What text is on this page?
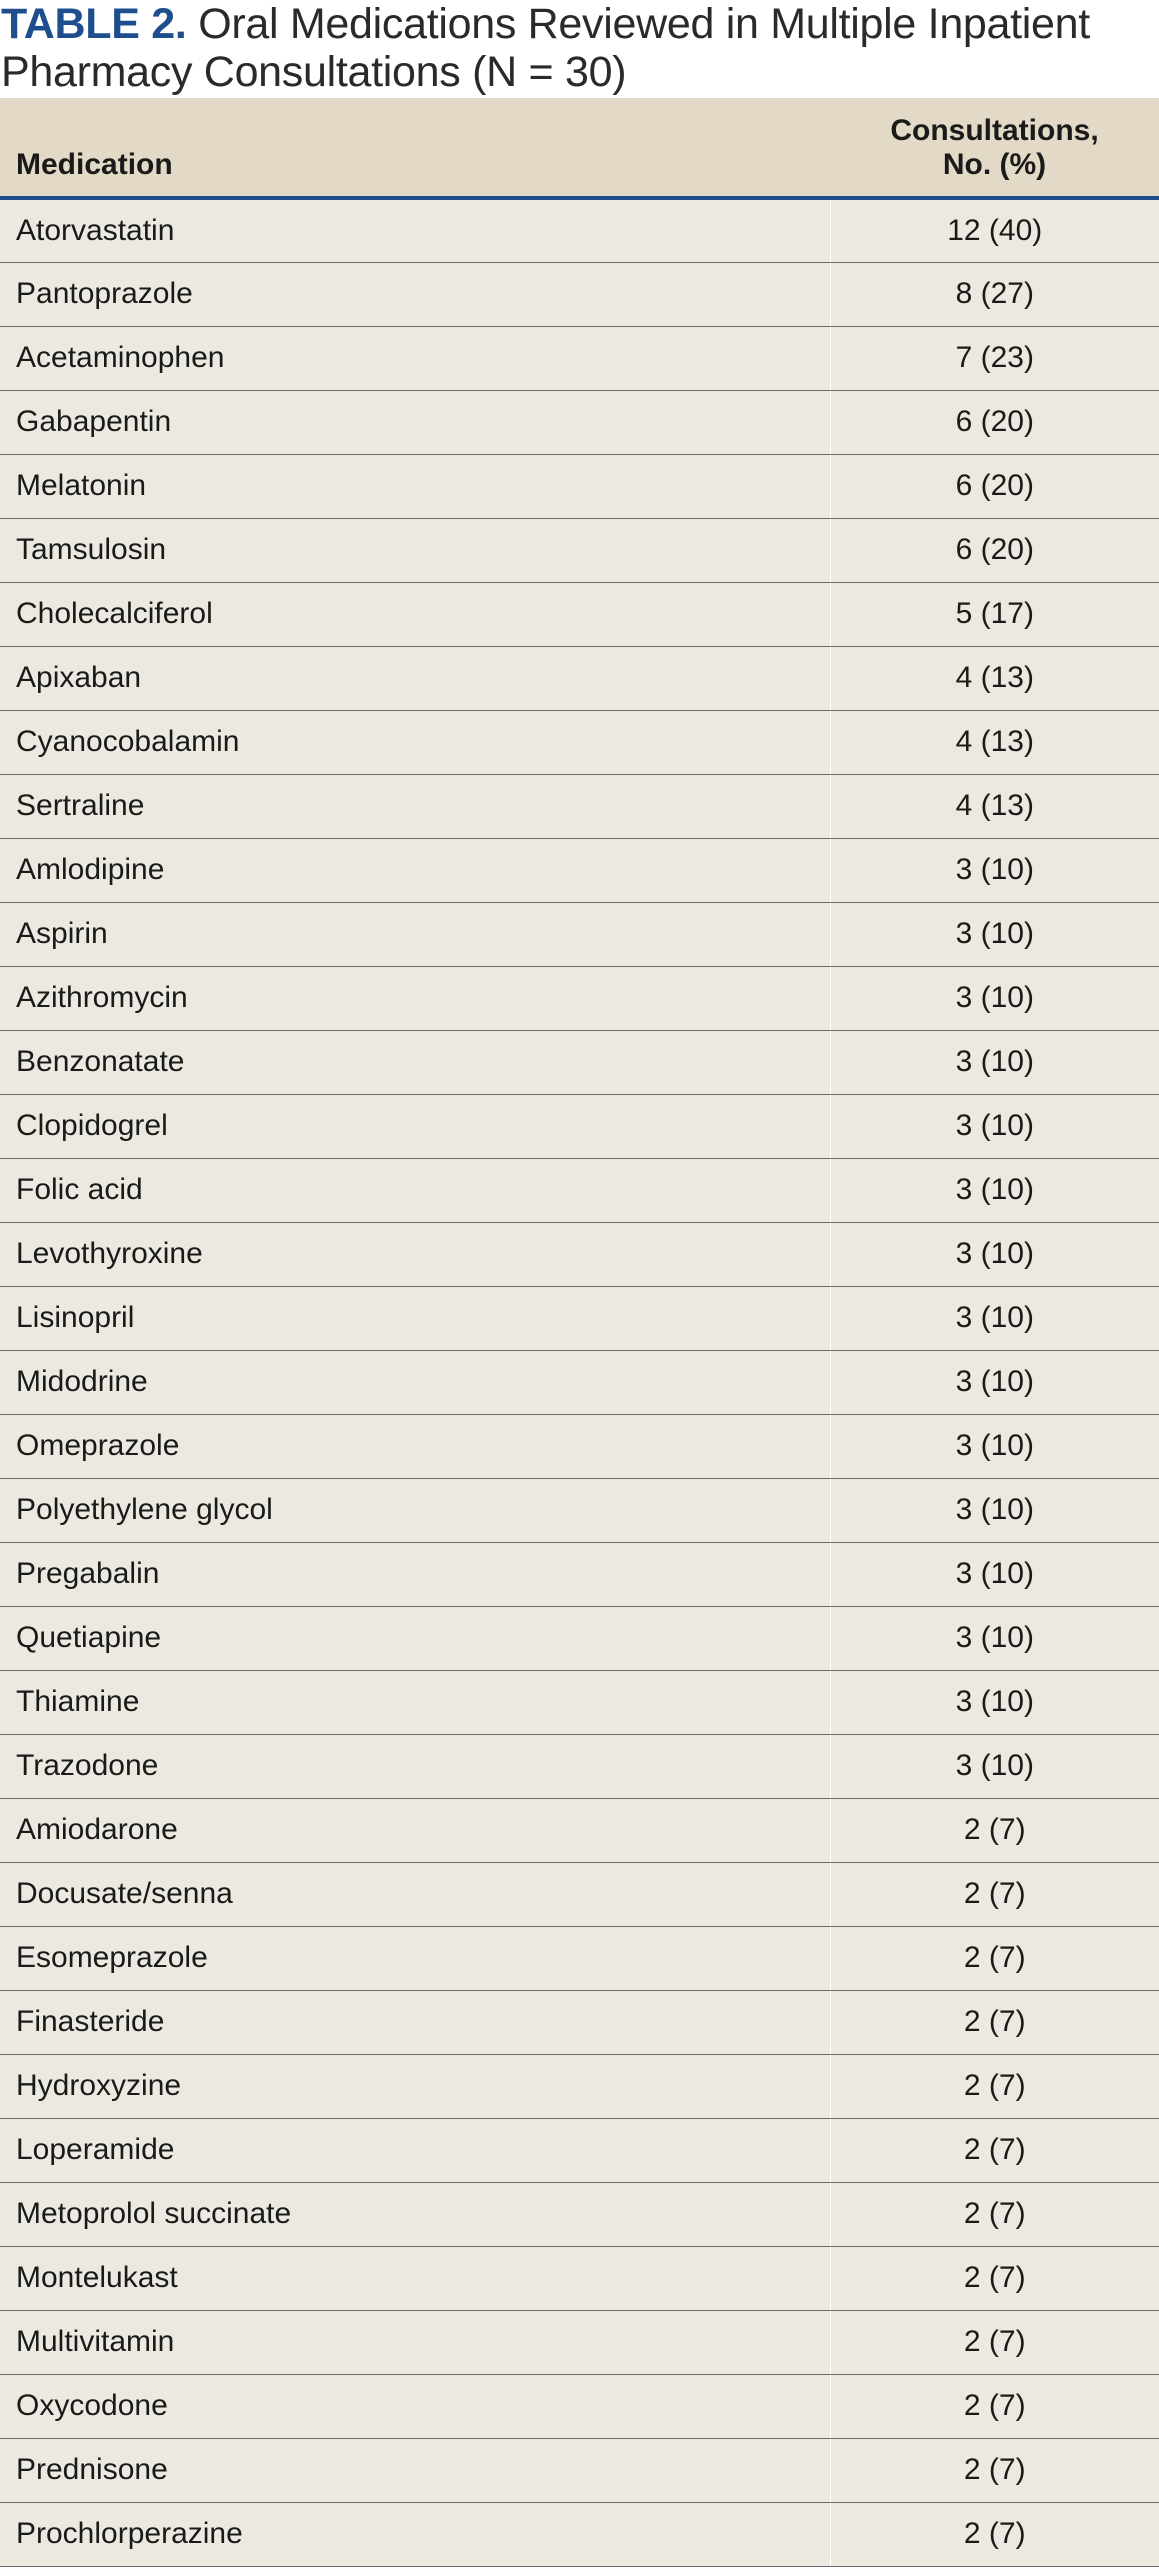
TABLE 2. Oral Medications Reviewed in Multiple Inpatient Pharmacy Consultations (N = 30)
Medication	Consultations,
No. (%)
Atorvastatin	12 (40)
Pantoprazole	8 (27)
Acetaminophen	7 (23)
Gabapentin	6 (20)
Melatonin	6 (20)
Tamsulosin	6 (20)
Cholecalciferol	5 (17)
Apixaban	4 (13)
Cyanocobalamin	4 (13)
Sertraline	4 (13)
Amlodipine	3 (10)
Aspirin	3 (10)
Azithromycin	3 (10)
Benzonatate	3 (10)
Clopidogrel	3 (10)
Folic acid	3 (10)
Levothyroxine	3 (10)
Lisinopril	3 (10)
Midodrine	3 (10)
Omeprazole	3 (10)
Polyethylene glycol	3 (10)
Pregabalin	3 (10)
Quetiapine	3 (10)
Thiamine	3 (10)
Trazodone	3 (10)
Amiodarone	2 (7)
Docusate/senna	2 (7)
Esomeprazole	2 (7)
Finasteride	2 (7)
Hydroxyzine	2 (7)
Loperamide	2 (7)
Metoprolol succinate	2 (7)
Montelukast	2 (7)
Multivitamin	2 (7)
Oxycodone	2 (7)
Prednisone	2 (7)
Prochlorperazine	2 (7)
